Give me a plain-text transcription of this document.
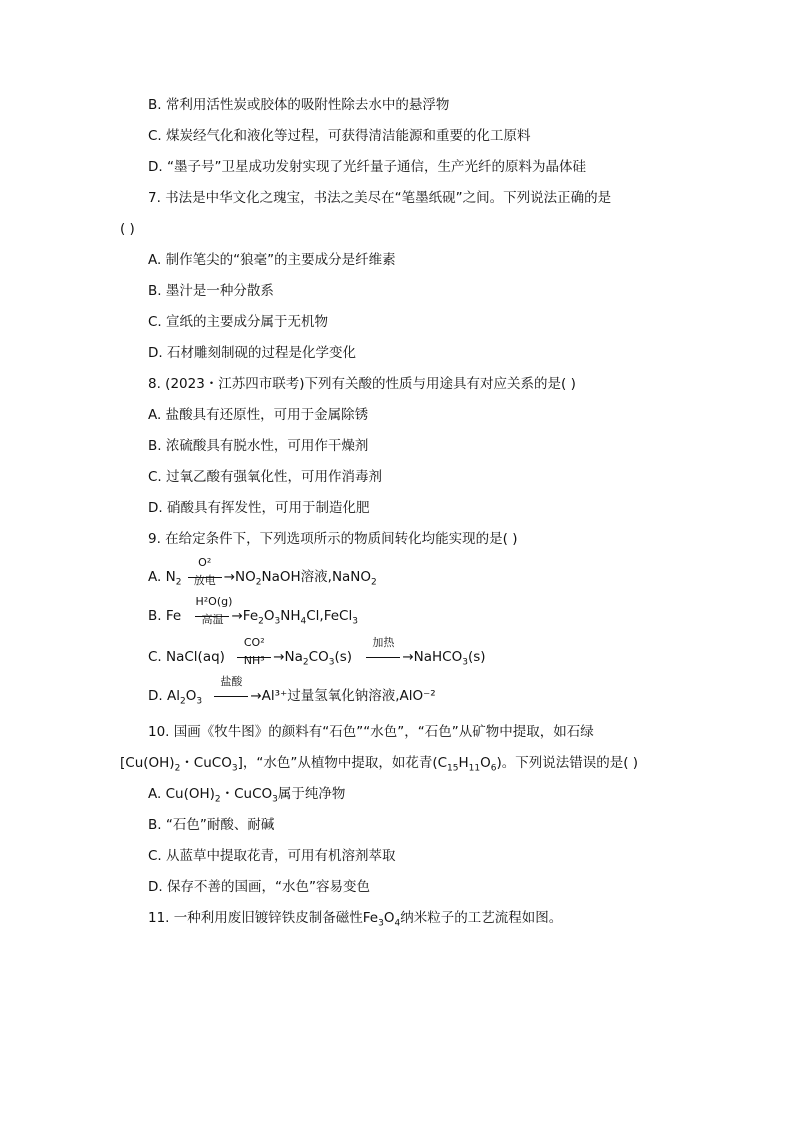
B. 常利用活性炭或胶体的吸附性除去水中的悬浮物
C. 煤炭经气化和液化等过程，可获得清洁能源和重要的化工原料
D. “墨子号”卫星成功发射实现了光纤量子通信，生产光纤的原料为晶体硅
7. 书法是中华文化之瑰宝，书法之美尽在“笔墨纸砚”之间。下列说法正确的是
( )
A. 制作笔尖的“狼毫”的主要成分是纤维素
B. 墨汁是一种分散系
C. 宣纸的主要成分属于无机物
D. 石材雕刻制砚的过程是化学变化
8. (2023・江苏四市联考)下列有关酸的性质与用途具有对应关系的是( )
A. 盐酸具有还原性，可用于金属除锈
B. 浓硫酸具有脱水性，可用作干燥剂
C. 过氧乙酸有强氧化性，可用作消毒剂
D. 硝酸具有挥发性，可用于制造化肥
9. 在给定条件下，下列选项所示的物质间转化均能实现的是( )
A. $N_2$
O²
放电 $\to NO_2NaOH$溶液,NaNO$_2$
B. Fe
H²O(g)
高温 $\to Fe_2O_3NH_4Cl,FeCl_3$
C. NaCl(aq) $\frac{\text{CO²}}{\text{NH³}} \to Na_2CO_3(s)$
加热
→NaHCO$_3$(s)
D. $Al_2O_3$
盐酸
→Al³⁺过量氢氧化钠溶液,AlO⁻²
10. 国画《牧牛图》的颜料有“石色”“水色”，“石色”从矿物中提取，如石绿
[$Cu(OH)_2$・CuCO$_3$]，“水色”从植物中提取，如花青$(C_{15}H_{11}O_6)$。下列说法错误的是( )
A. $Cu(OH)_2$・CuCO$_3$属于纯净物
B. “石色”耐酸、耐碱
C. 从蓝草中提取花青，可用有机溶剂萃取
D. 保存不善的国画，“水色”容易变色
11. 一种利用废旧镀锌铁皮制备磁性$Fe_3O_4$纳米粒子的工艺流程如图。
